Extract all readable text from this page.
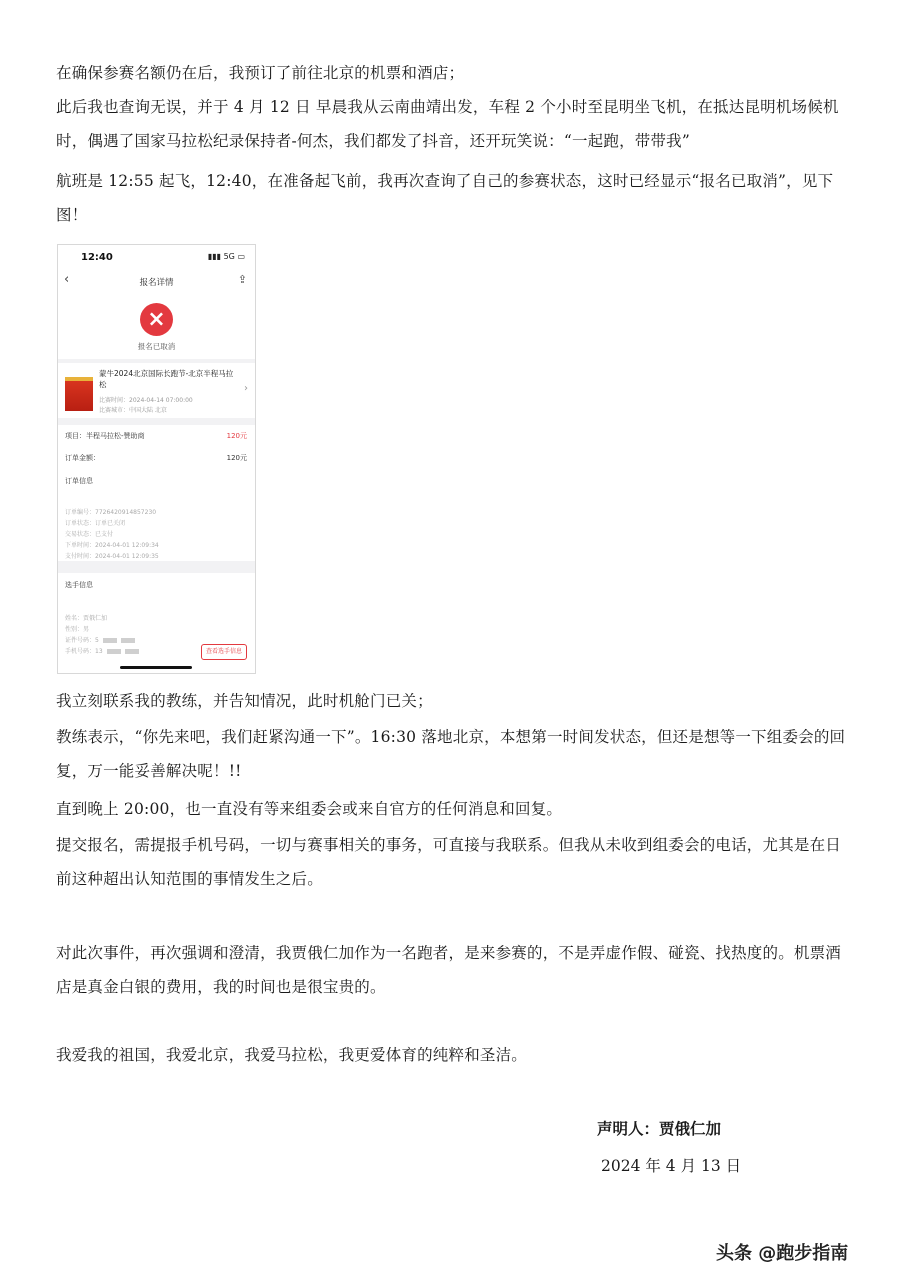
在确保参赛名额仍在后，我预订了前往北京的机票和酒店；
此后我也查询无误，并于 4 月 12 日 早晨我从云南曲靖出发，车程 2 个小时至昆明坐飞机，在抵达昆明机场候机时，偶遇了国家马拉松纪录保持者-何杰，我们都发了抖音，还开玩笑说：“一起跑，带带我”
航班是 12:55 起飞，12:40，在准备起飞前，我再次查询了自己的参赛状态，这时已经显示“报名已取消”，见下图！
12:40	▮▮▮ 5G ▭
‹	报名详情	⇪
×
报名已取消
蒙牛2024北京国际长跑节-北京半程马拉松
比赛时间：2024-04-14 07:00:00
比赛城市：中国大陆 北京
›
项目：半程马拉松-赞助商	120元
订单金额：	120元
订单信息
订单编号：7726420914857230
订单状态：订单已关闭
交易状态：已支付
下单时间：2024-04-01 12:09:34
支付时间：2024-04-01 12:09:35
选手信息
姓名：贾俄仁加
性别：男
证件号码：5
手机号码：13	查看选手信息
我立刻联系我的教练，并告知情况，此时机舱门已关；
教练表示，“你先来吧，我们赶紧沟通一下”。16:30 落地北京，本想第一时间发状态，但还是想等一下组委会的回复，万一能妥善解决呢！!!
直到晚上 20:00，也一直没有等来组委会或来自官方的任何消息和回复。
提交报名，需提报手机号码，一切与赛事相关的事务，可直接与我联系。但我从未收到组委会的电话，尤其是在日前这种超出认知范围的事情发生之后。
对此次事件，再次强调和澄清，我贾俄仁加作为一名跑者，是来参赛的，不是弄虚作假、碰瓷、找热度的。机票酒店是真金白银的费用，我的时间也是很宝贵的。
我爱我的祖国，我爱北京，我爱马拉松，我更爱体育的纯粹和圣洁。
声明人：贾俄仁加
2024 年 4 月 13 日
头条 @跑步指南
